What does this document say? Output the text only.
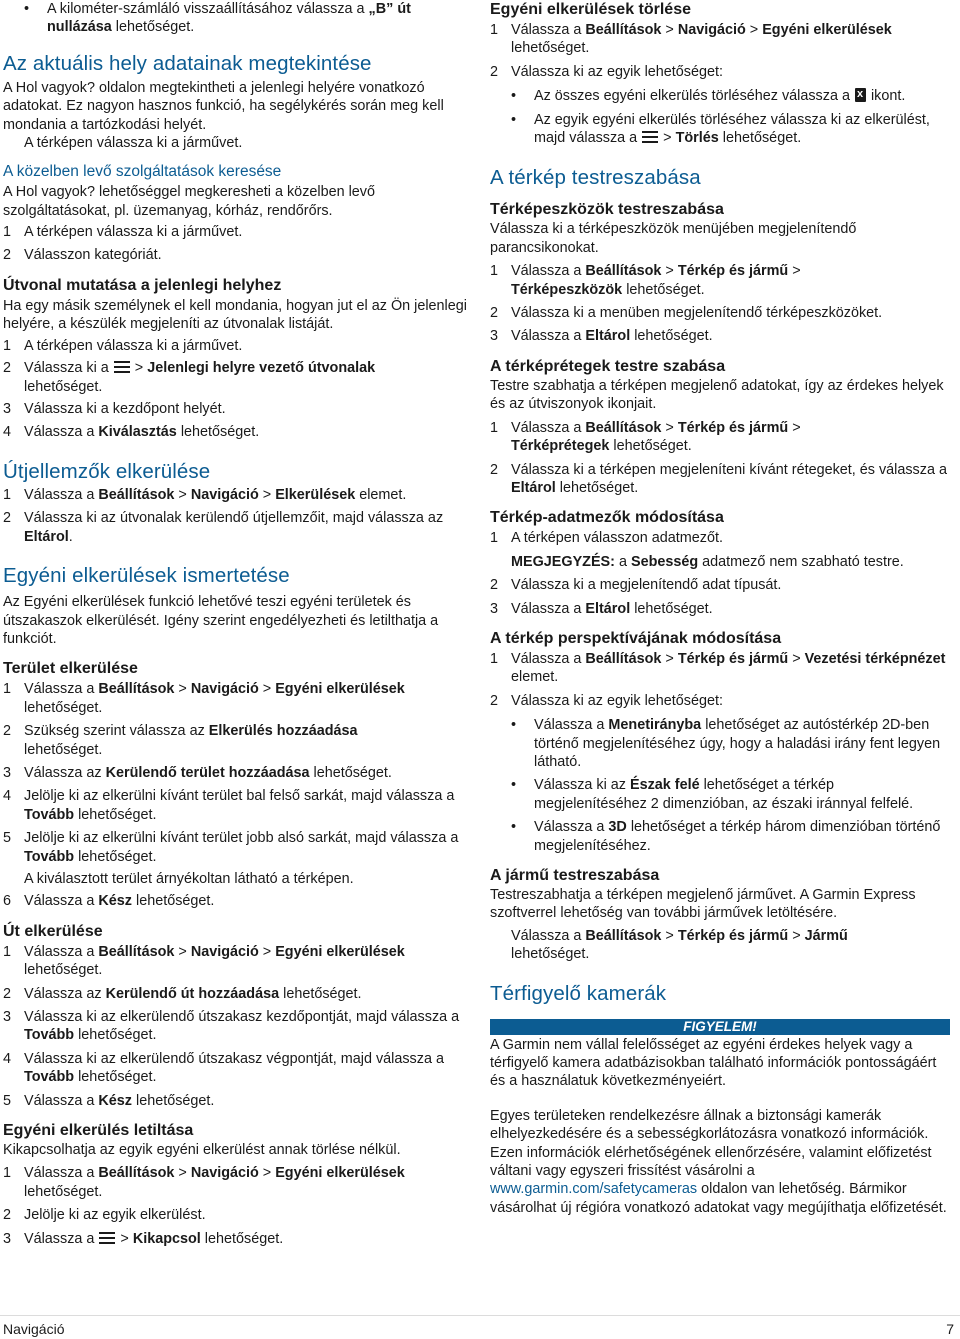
•	A kilométer-számláló visszaállításához válassza a „B” út
nullázása lehetőséget.
Az aktuális hely adatainak megtekintése
A Hol vagyok? oldalon megtekintheti a jelenlegi helyére vonatkozó adatokat. Ez nagyon hasznos funkció, ha segélykérés során meg kell mondania a tartózkodási helyét.
A térképen válassza ki a járművet.
A közelben levő szolgáltatások keresése
A Hol vagyok? lehetőséggel megkeresheti a közelben levő szolgáltatásokat, pl. üzemanyag, kórház, rendőrőrs.
1 A térképen válassza ki a járművet.
2 Válasszon kategóriát.
Útvonal mutatása a jelenlegi helyhez
Ha egy másik személynek el kell mondania, hogyan jut el az Ön jelenlegi helyére, a készülék megjeleníti az útvonalak listáját.
1 A térképen válassza ki a járművet.
2 Válassza ki a > Jelenlegi helyre vezető útvonalak
lehetőséget.
3 Válassza ki a kezdőpont helyét.
4 Válassza a Kiválasztás lehetőséget.
Útjellemzők elkerülése
1 Válassza a Beállítások > Navigáció > Elkerülések elemet.
2 Válassza ki az útvonalak kerülendő útjellemzőit, majd válassza az Eltárol.
Egyéni elkerülések ismertetése
Az Egyéni elkerülések funkció lehetővé teszi egyéni területek és útszakaszok elkerülését. Igény szerint engedélyezheti és letilthatja a funkciót.
Terület elkerülése
1 Válassza a Beállítások > Navigáció > Egyéni elkerülések
lehetőséget.
2 Szükség szerint válassza az Elkerülés hozzáadása
lehetőséget.
3 Válassza az Kerülendő terület hozzáadása lehetőséget.
4 Jelölje ki az elkerülni kívánt terület bal felső sarkát, majd válassza a Tovább lehetőséget.
5 Jelölje ki az elkerülni kívánt terület jobb alsó sarkát, majd válassza a Tovább lehetőséget.
A kiválasztott terület árnyékoltan látható a térképen.
6 Válassza a Kész lehetőséget.
Út elkerülése
1 Válassza a Beállítások > Navigáció > Egyéni elkerülések
lehetőséget.
2 Válassza az Kerülendő út hozzáadása lehetőséget.
3 Válassza ki az elkerülendő útszakasz kezdőpontját, majd válassza a Tovább lehetőséget.
4 Válassza ki az elkerülendő útszakasz végpontját, majd válassza a Tovább lehetőséget.
5 Válassza a Kész lehetőséget.
Egyéni elkerülés letiltása
Kikapcsolhatja az egyik egyéni elkerülést annak törlése nélkül.
1 Válassza a Beállítások > Navigáció > Egyéni elkerülések
lehetőséget.
2 Jelölje ki az egyik elkerülést.
3 Válassza a  > Kikapcsol lehetőséget.
Egyéni elkerülések törlése
1 Válassza a Beállítások > Navigáció > Egyéni elkerülések
lehetőséget.
2 Válassza ki az egyik lehetőséget:
•	Az összes egyéni elkerülés törléséhez válassza a x ikont.
•	Az egyik egyéni elkerülés törléséhez válassza ki az elkerülést, majd válassza a  > Törlés lehetőséget.
A térkép testreszabása
Térképeszközök testreszabása
Válassza ki a térképeszközök menüjében megjelenítendő parancsikonokat.
1 Válassza a Beállítások > Térkép és jármű >
Térképeszközök lehetőséget.
2 Válassza ki a menüben megjelenítendő térképeszközöket.
3 Válassza a Eltárol lehetőséget.
A térképrétegek testre szabása
Testre szabhatja a térképen megjelenő adatokat, így az érdekes helyek és az útviszonyok ikonjait.
1 Válassza a Beállítások > Térkép és jármű >
Térképrétegek lehetőséget.
2 Válassza ki a térképen megjeleníteni kívánt rétegeket, és válassza a Eltárol lehetőséget.
Térkép-adatmezők módosítása
1 A térképen válasszon adatmezőt.
MEGJEGYZÉS: a Sebesség adatmező nem szabható testre.
2 Válassza ki a megjelenítendő adat típusát.
3 Válassza a Eltárol lehetőséget.
A térkép perspektívájának módosítása
1 Válassza a Beállítások > Térkép és jármű > Vezetési térképnézet elemet.
2 Válassza ki az egyik lehetőséget:
•	Válassza a Menetirányba lehetőséget az autóstérkép 2D-ben történő megjelenítéséhez úgy, hogy a haladási irány fent legyen látható.
•	Válassza ki az Észak felé lehetőséget a térkép megjelenítéséhez 2 dimenzióban, az északi iránnyal felfelé.
•	Válassza a 3D lehetőséget a térkép három dimenzióban történő megjelenítéséhez.
A jármű testreszabása
Testreszabhatja a térképen megjelenő járművet. A Garmin Express szoftverrel lehetőség van további járművek letöltésére.
Válassza a Beállítások > Térkép és jármű > Jármű
lehetőséget.
Térfigyelő kamerák
FIGYELEM!
A Garmin nem vállal felelősséget az egyéni érdekes helyek vagy a térfigyelő kamera adatbázisokban található információk pontosságáért és a használatuk következményeiért.
Egyes területeken rendelkezésre állnak a biztonsági kamerák elhelyezkedésére és a sebességkorlátozásra vonatkozó információk. Ezen információk elérhetőségének ellenőrzésére, valamint előfizetést váltani vagy egyszeri frissítést vásárolni a www.garmin.com/safetycameras oldalon van lehetőség. Bármikor vásárolhat új régióra vonatkozó adatokat vagy megújíthatja előfizetését.
Navigáció	7
